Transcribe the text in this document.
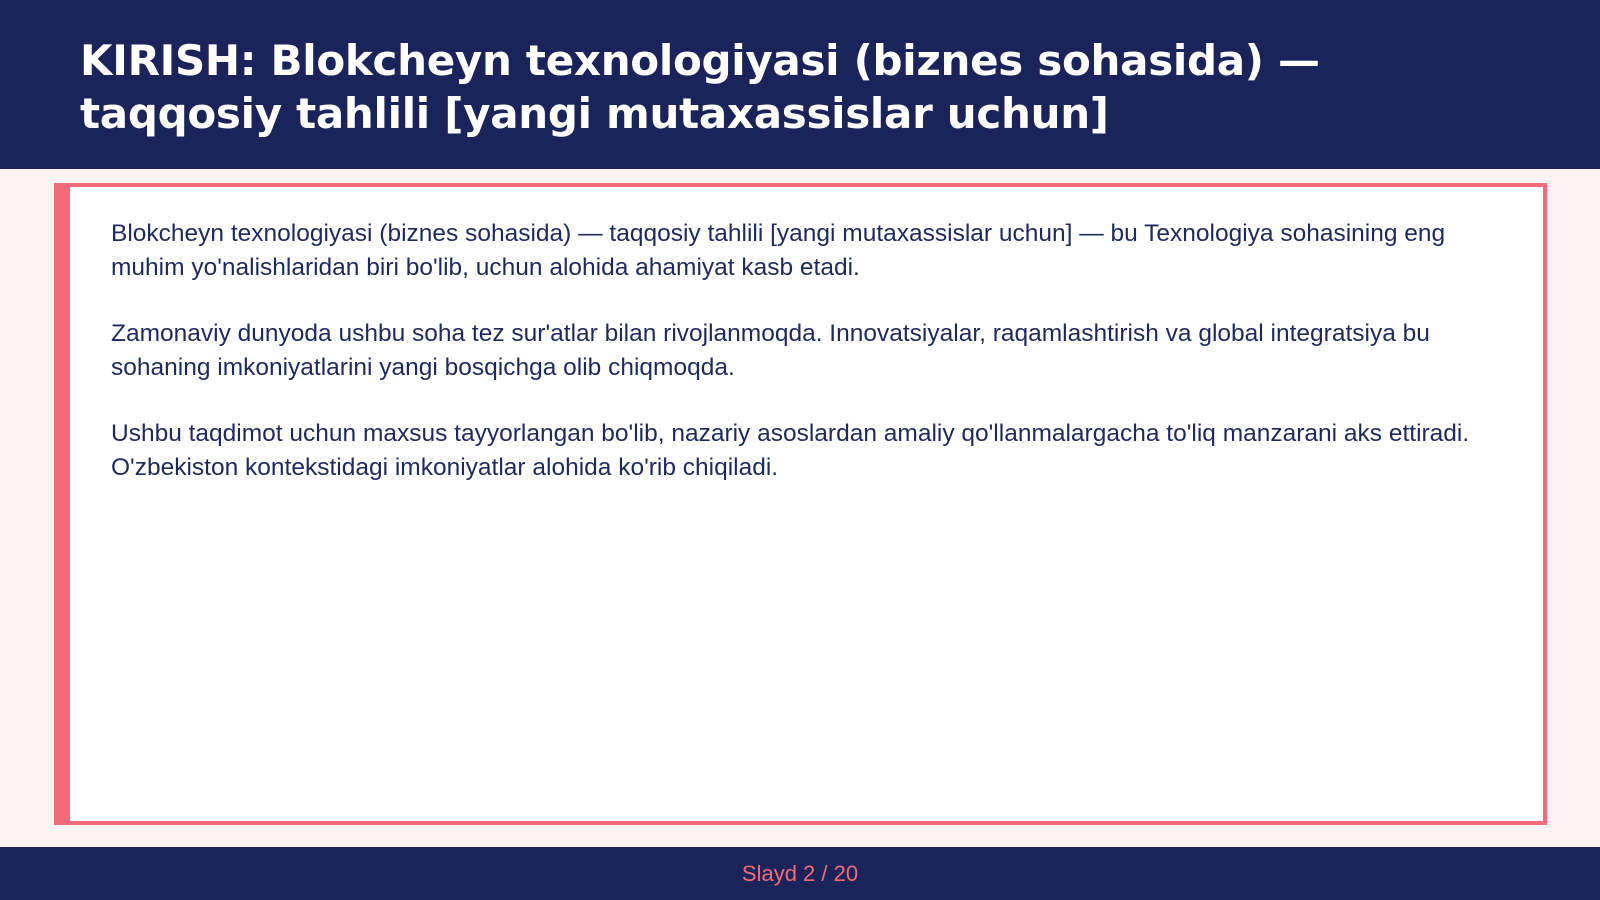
KIRISH: Blokcheyn texnologiyasi (biznes sohasida) — taqqosiy tahlili [yangi mutaxassislar uchun]

Blokcheyn texnologiyasi (biznes sohasida) — taqqosiy tahlili [yangi mutaxassislar uchun] — bu Texnologiya sohasining eng muhim yo'nalishlaridan biri bo'lib, uchun alohida ahamiyat kasb etadi.

Zamonaviy dunyoda ushbu soha tez sur'atlar bilan rivojlanmoqda. Innovatsiyalar, raqamlashtirish va global integratsiya bu sohaning imkoniyatlarini yangi bosqichga olib chiqmoqda.

Ushbu taqdimot uchun maxsus tayyorlangan bo'lib, nazariy asoslardan amaliy qo'llanmalargacha to'liq manzarani aks ettiradi. O'zbekiston kontekstidagi imkoniyatlar alohida ko'rib chiqiladi.

Slayd 2 / 20
